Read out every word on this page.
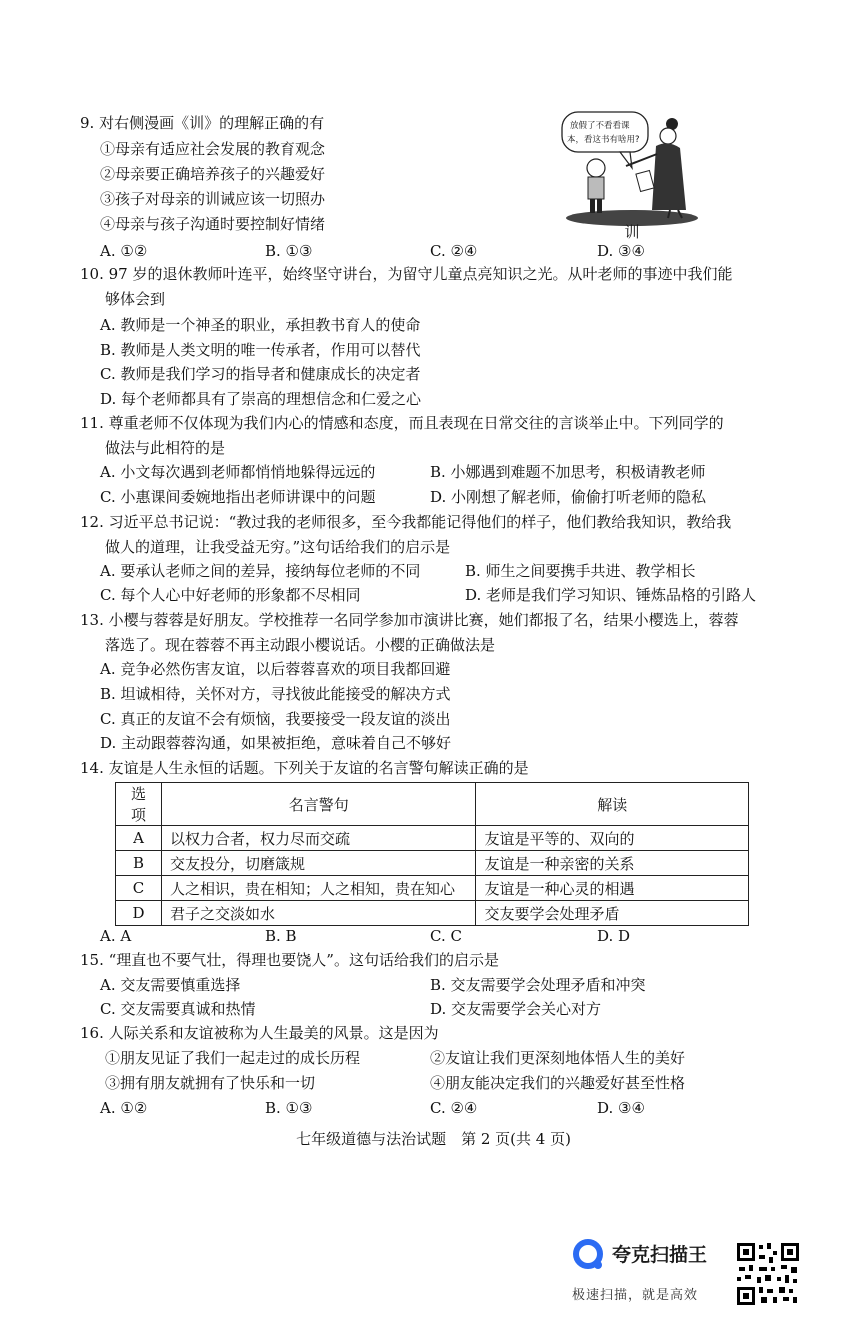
9. 对右侧漫画《训》的理解正确的有
①母亲有适应社会发展的教育观念
②母亲要正确培养孩子的兴趣爱好
③孩子对母亲的训诫应该一切照办
④母亲与孩子沟通时要控制好情绪
A. ①②	B. ①③	C. ②④	D. ③④
放假了不看看课
本，看这书有啥用?
训
10. 97 岁的退休教师叶连平，始终坚守讲台，为留守儿童点亮知识之光。从叶老师的事迹中我们能
够体会到
A. 教师是一个神圣的职业，承担教书育人的使命
B. 教师是人类文明的唯一传承者，作用可以替代
C. 教师是我们学习的指导者和健康成长的决定者
D. 每个老师都具有了崇高的理想信念和仁爱之心
11. 尊重老师不仅体现为我们内心的情感和态度，而且表现在日常交往的言谈举止中。下列同学的
做法与此相符的是
A. 小文每次遇到老师都悄悄地躲得远远的	B. 小娜遇到难题不加思考，积极请教老师
C. 小惠课间委婉地指出老师讲课中的问题	D. 小刚想了解老师，偷偷打听老师的隐私
12. 习近平总书记说：“教过我的老师很多，至今我都能记得他们的样子，他们教给我知识，教给我
做人的道理，让我受益无穷。”这句话给我们的启示是
A. 要承认老师之间的差异，接纳每位老师的不同	B. 师生之间要携手共进、教学相长
C. 每个人心中好老师的形象都不尽相同	D. 老师是我们学习知识、锤炼品格的引路人
13. 小樱与蓉蓉是好朋友。学校推荐一名同学参加市演讲比赛，她们都报了名，结果小樱选上，蓉蓉
落选了。现在蓉蓉不再主动跟小樱说话。小樱的正确做法是
A. 竞争必然伤害友谊，以后蓉蓉喜欢的项目我都回避
B. 坦诚相待，关怀对方，寻找彼此能接受的解决方式
C. 真正的友谊不会有烦恼，我要接受一段友谊的淡出
D. 主动跟蓉蓉沟通，如果被拒绝，意味着自己不够好
14. 友谊是人生永恒的话题。下列关于友谊的名言警句解读正确的是
选项	名言警句	解读
A	以权力合者，权力尽而交疏	友谊是平等的、双向的
B	交友投分，切磨箴规	友谊是一种亲密的关系
C	人之相识，贵在相知；人之相知，贵在知心	友谊是一种心灵的相遇
D	君子之交淡如水	交友要学会处理矛盾
A. A	B. B	C. C	D. D
15. “理直也不要气壮，得理也要饶人”。这句话给我们的启示是
A. 交友需要慎重选择	B. 交友需要学会处理矛盾和冲突
C. 交友需要真诚和热情	D. 交友需要学会关心对方
16. 人际关系和友谊被称为人生最美的风景。这是因为
①朋友见证了我们一起走过的成长历程	②友谊让我们更深刻地体悟人生的美好
③拥有朋友就拥有了快乐和一切	④朋友能决定我们的兴趣爱好甚至性格
A. ①②	B. ①③	C. ②④	D. ③④
七年级道德与法治试题　第 2 页(共 4 页)
夸克扫描王
极速扫描，就是高效
